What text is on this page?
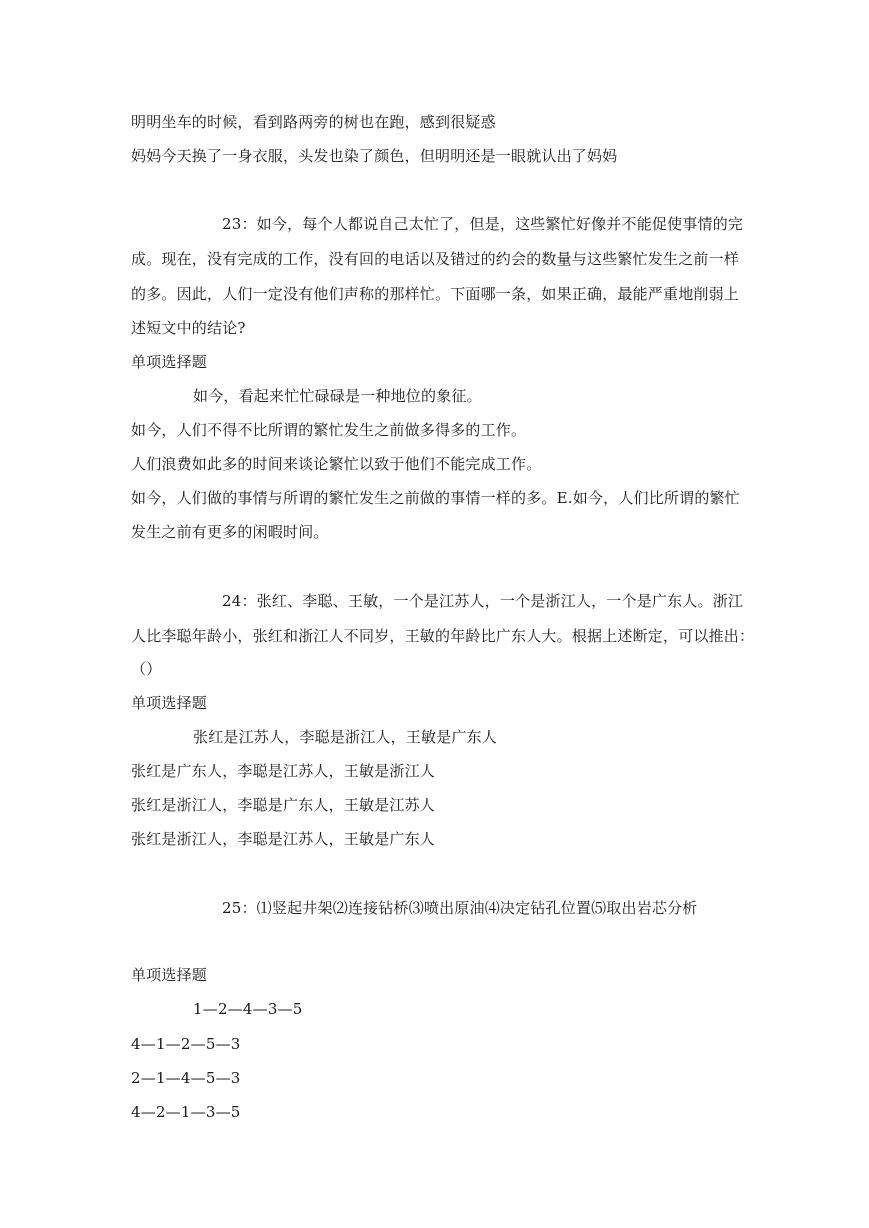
明明坐车的时候，看到路两旁的树也在跑，感到很疑惑
妈妈今天换了一身衣服，头发也染了颜色，但明明还是一眼就认出了妈妈
23：如今，每个人都说自己太忙了，但是，这些繁忙好像并不能促使事情的完
成。现在，没有完成的工作，没有回的电话以及错过的约会的数量与这些繁忙发生之前一样
的多。因此，人们一定没有他们声称的那样忙。下面哪一条，如果正确，最能严重地削弱上
述短文中的结论?
单项选择题
如今，看起来忙忙碌碌是一种地位的象征。
如今，人们不得不比所谓的繁忙发生之前做多得多的工作。
人们浪费如此多的时间来谈论繁忙以致于他们不能完成工作。
如今，人们做的事情与所谓的繁忙发生之前做的事情一样的多。E.如今，人们比所谓的繁忙
发生之前有更多的闲暇时间。
24：张红、李聪、王敏，一个是江苏人，一个是浙江人，一个是广东人。浙江
人比李聪年龄小，张红和浙江人不同岁，王敏的年龄比广东人大。根据上述断定，可以推出：
（）
单项选择题
张红是江苏人，李聪是浙江人，王敏是广东人
张红是广东人，李聪是江苏人，王敏是浙江人
张红是浙江人，李聪是广东人，王敏是江苏人
张红是浙江人，李聪是江苏人，王敏是广东人
25：⑴竖起井架⑵连接钻桥⑶喷出原油⑷决定钻孔位置⑸取出岩芯分析
单项选择题
1—2—4—3—5
4—1—2—5—3
2—1—4—5—3
4—2—1—3—5
